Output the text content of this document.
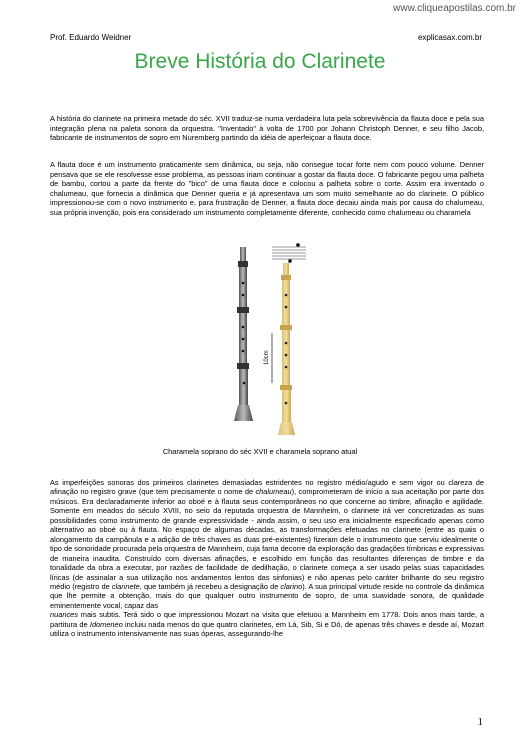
www.cliqueapostilas.com.br
Prof. Eduardo Weidner	explicasax.com.br
Breve História do Clarinete

A história do clarinete na primeira metade do séc. XVII traduz-se numa verdadeira luta pela sobrevivência da flauta doce e pela sua integração plena na paleta sonora da orquestra. "Inventado" à volta de 1700 por Johann Christoph Denner, e seu filho Jacob, fabricante de instrumentos de sopro em Nuremberg partindo da idéia de aperfeiçoar a flauta doce.

A flauta doce é um instrumento praticamente sem dinâmica, ou seja, não consegue tocar forte nem com pouco volume. Denner pensava que se ele resolvesse esse problema, as pessoas iriam continuar a gostar da flauta doce. O fabricante pegou uma palheta de bambu, cortou a parte da frente do "bico" de uma flauta doce e colocou a palheta sobre o corte. Assim era inventado o chalumeau, que fornecia a dinâmica que Denner queria e já apresentava um som muito semelhante ao do clarinete. O público impressionou-se com o novo instrumento e, para frustração de Denner, a flauta doce decaiu ainda mais por causa do chalumeau, sua própria invenção, pois era considerado um instrumento completamente diferente, conhecido como chalumeau ou charamela

10cm
Charamela soprano do séc XVII e charamela soprano atual

As imperfeições sonoras dos primeiros clarinetes demasiadas estridentes no registro médio/agudo e sem vigor ou clareza de afinação no registro grave (que tem precisamente o nome de chalumeau), comprometeram de início a sua aceitação por parte dos músicos. Era declaradamente inferior ao oboé e à flauta seus contemporâneos no que concerne ao timbre, afinação e agilidade. Somente em meados do século XVIII, no seio da reputada orquestra de Mannheim, o clarinete irá ver concretizadas as suas possibilidades como instrumento de grande expressividade - ainda assim, o seu uso era inicialmente especificado apenas como alternativo ao oboé ou à flauta. No espaço de algumas décadas, as transformações efetuadas no clarinete (entre as quais o alongamento da campânula e a adição de três chaves as duas pré-existentes) fizeram dele o instrumento que serviu idealmente o tipo de sonoridade procurada pela orquestra de Mannheim, cuja fama decorre da exploração das gradações tímbricas e expressivas de maneira inaudita. Construído com diversas afinações, e escolhido em função das resultantes diferenças de timbre e da tonalidade da obra a executar, por razões de facilidade de dedilhação, o clarinete começa a ser usado pelas suas capacidades líricas (de assinalar a sua utilização nos andamentos lentos das sinfonias) e não apenas pelo caráter brilhante do seu registro médio (registro de clarinete, que também já recebeu a designação de clarino). A sua principal virtude reside no controle da dinâmica que lhe permite a obtenção, mais do que qualquer outro instrumento de sopro, de uma suavidade sonora, de qualidade eminentemente vocal, capaz das
nuances mais subtis. Terá sido o que impressionou Mozart na visita que efetuou a Mannheim em 1778. Dois anos mais tarde, a partitura de Idomeneo incluiu nada menos do que quatro clarinetes, em Lá, Sib, Si e Dó, de apenas três chaves e desde aí, Mozart utiliza o instrumento intensivamente nas suas óperas, assegurando-lhe

1
